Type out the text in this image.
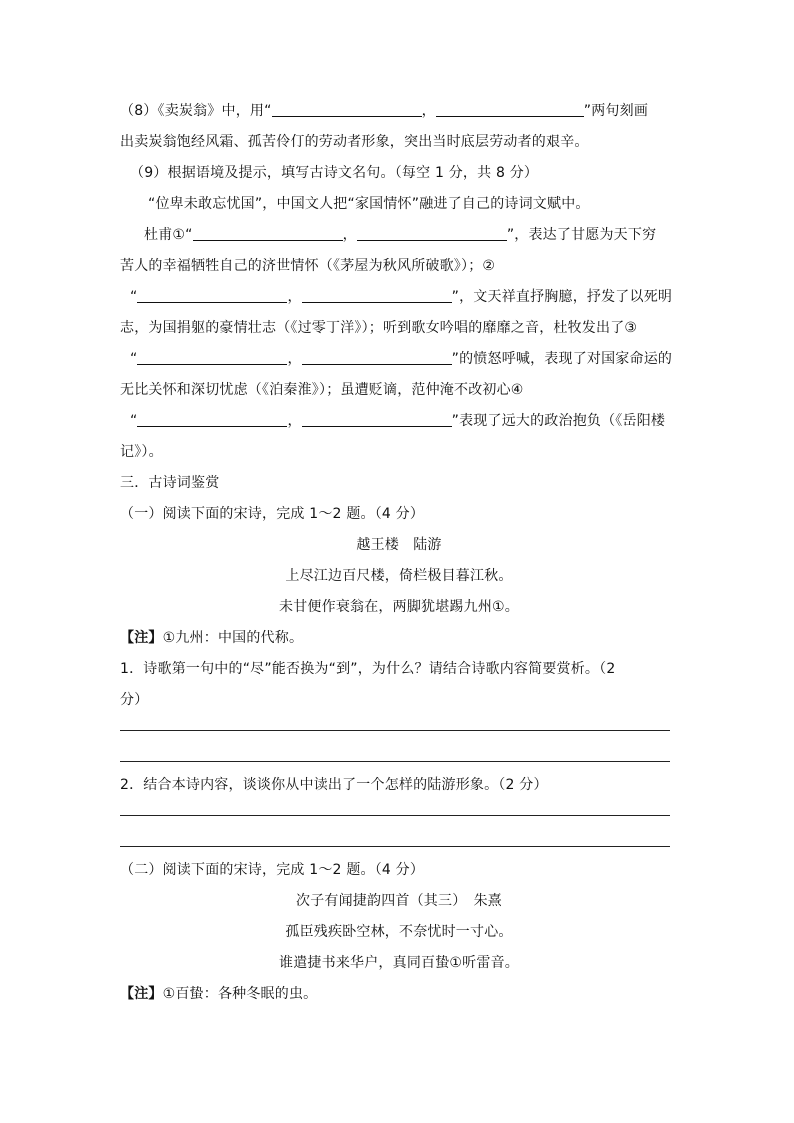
（8）《卖炭翁》中，用“	，	”两句刻画
出卖炭翁饱经风霜、孤苦伶仃的劳动者形象，突出当时底层劳动者的艰辛。
（9）根据语境及提示，填写古诗文名句。（每空 1 分，共 8 分）
“位卑未敢忘忧国”，中国文人把“家国情怀”融进了自己的诗词文赋中。
杜甫①“	，	”，表达了甘愿为天下穷
苦人的幸福牺牲自己的济世情怀（《茅屋为秋风所破歌》）；②
“	，	”，文天祥直抒胸臆，抒发了以死明
志，为国捐躯的豪情壮志（《过零丁洋》）；听到歌女吟唱的靡靡之音，杜牧发出了③
“	，	”的愤怒呼喊，表现了对国家命运的
无比关怀和深切忧虑（《泊秦淮》）；虽遭贬谪，范仲淹不改初心④
“	，	”表现了远大的政治抱负（《岳阳楼
记》）。
三．古诗词鉴赏
（一）阅读下面的宋诗，完成 1～2 题。（4 分）
越王楼　陆游
上尽江边百尺楼，倚栏极目暮江秋。
未甘便作衰翁在，两脚犹堪踢九州①。
【注】①九州：中国的代称。
1．诗歌第一句中的“尽”能否换为“到”，为什么？请结合诗歌内容简要赏析。（2
分）
2．结合本诗内容，谈谈你从中读出了一个怎样的陆游形象。（2 分）
（二）阅读下面的宋诗，完成 1～2 题。（4 分）
次子有闻捷韵四首（其三）　朱熹
孤臣残疾卧空林，不奈忧时一寸心。
谁遣捷书来华户，真同百蛰①听雷音。
【注】①百蛰：各种冬眠的虫。
